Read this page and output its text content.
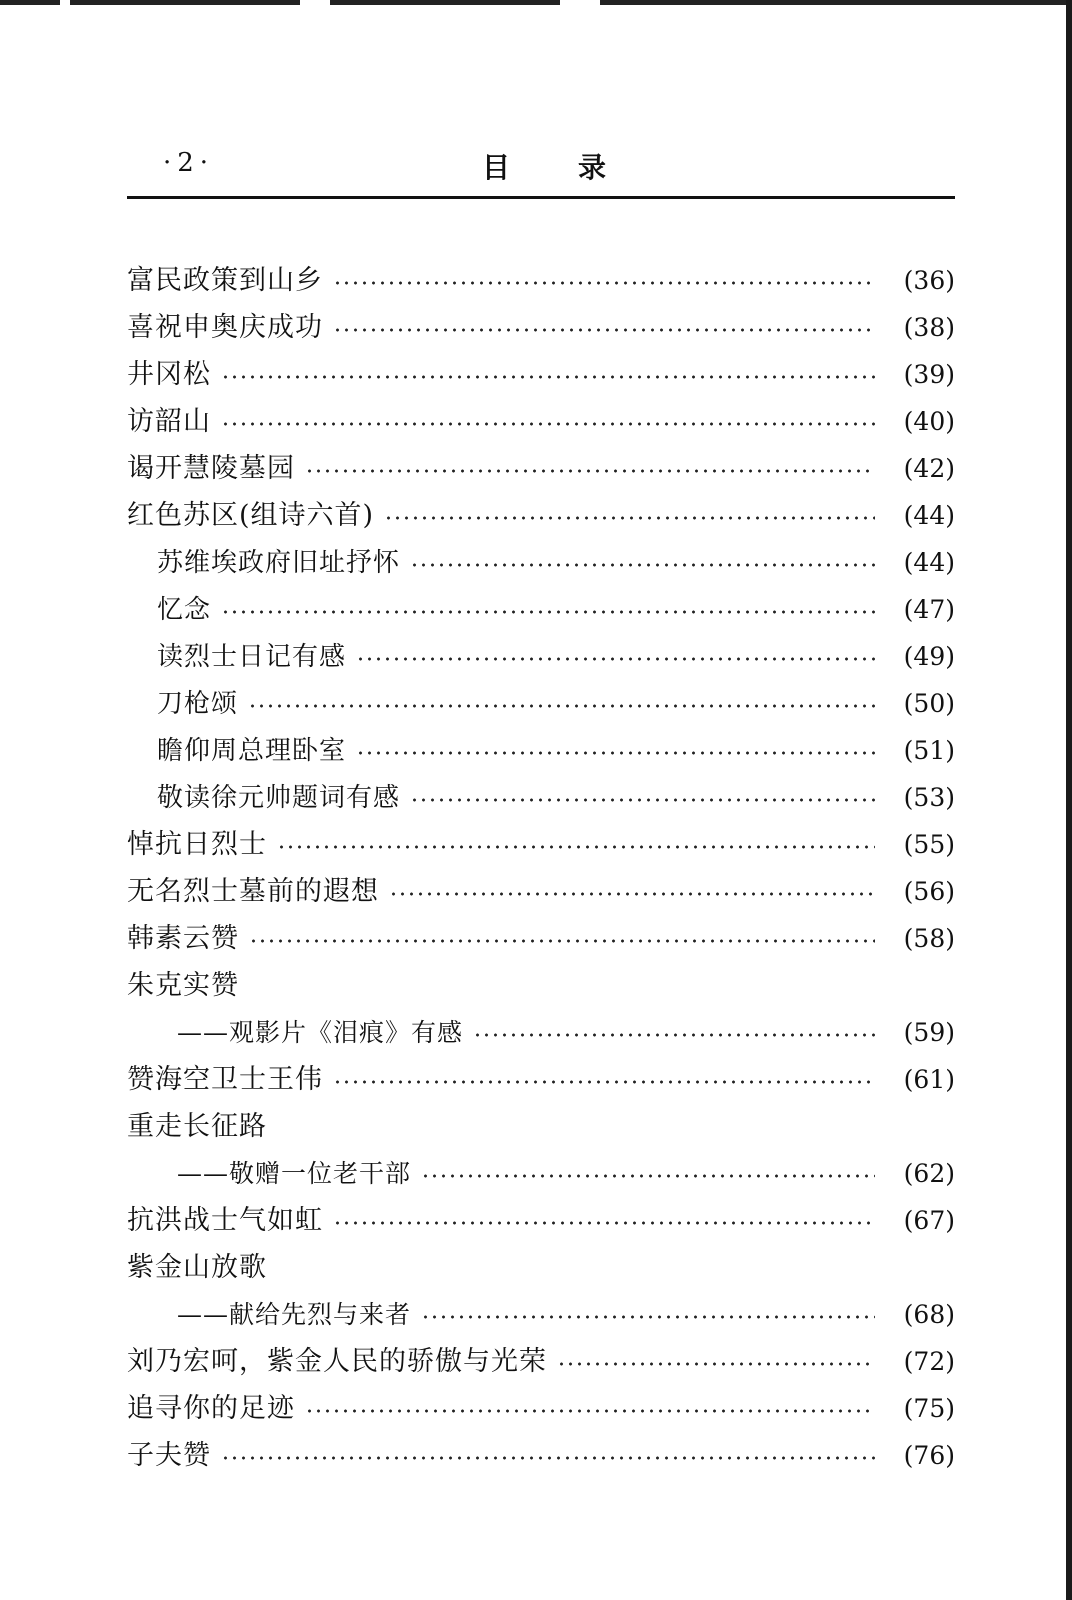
·2·	目录
富民政策到山乡	(36)
喜祝申奥庆成功	(38)
井冈松	(39)
访韶山	(40)
谒开慧陵墓园	(42)
红色苏区(组诗六首)	(44)
苏维埃政府旧址抒怀	(44)
忆念	(47)
读烈士日记有感	(49)
刀枪颂	(50)
瞻仰周总理卧室	(51)
敬读徐元帅题词有感	(53)
悼抗日烈士	(55)
无名烈士墓前的遐想	(56)
韩素云赞	(58)
朱克实赞
——观影片《泪痕》有感	(59)
赞海空卫士王伟	(61)
重走长征路
——敬赠一位老干部	(62)
抗洪战士气如虹	(67)
紫金山放歌
——献给先烈与来者	(68)
刘乃宏呵，紫金人民的骄傲与光荣	(72)
追寻你的足迹	(75)
子夫赞	(76)
